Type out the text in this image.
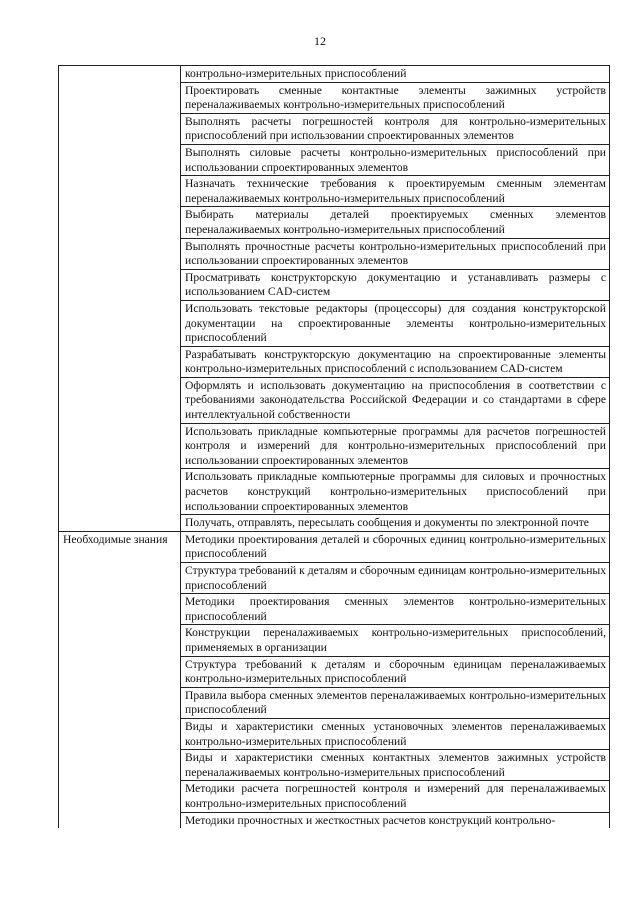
12
	контрольно-измерительных приспособлений
	Проектировать сменные контактные элементы зажимных устройств переналаживаемых контрольно-измерительных приспособлений
	Выполнять расчеты погрешностей контроля для контрольно-измерительных приспособлений при использовании спроектированных элементов
	Выполнять силовые расчеты контрольно-измерительных приспособлений при использовании спроектированных элементов
	Назначать технические требования к проектируемым сменным элементам переналаживаемых контрольно-измерительных приспособлений
	Выбирать материалы деталей проектируемых сменных элементов переналаживаемых контрольно-измерительных приспособлений
	Выполнять прочностные расчеты контрольно-измерительных приспособлений при использовании спроектированных элементов
	Просматривать конструкторскую документацию и устанавливать размеры с использованием CAD-систем
	Использовать текстовые редакторы (процессоры) для создания конструкторской документации на спроектированные элементы контрольно-измерительных приспособлений
	Разрабатывать конструкторскую документацию на спроектированные элементы контрольно-измерительных приспособлений с использованием CAD-систем
	Оформлять и использовать документацию на приспособления в соответствии с требованиями законодательства Российской Федерации и со стандартами в сфере интеллектуальной собственности
	Использовать прикладные компьютерные программы для расчетов погрешностей контроля и измерений для контрольно-измерительных приспособлений при использовании спроектированных элементов
	Использовать прикладные компьютерные программы для силовых и прочностных расчетов конструкций контрольно-измерительных приспособлений при использовании спроектированных элементов
	Получать, отправлять, пересылать сообщения и документы по электронной почте
Необходимые знания	Методики проектирования деталей и сборочных единиц контрольно-измерительных приспособлений
	Структура требований к деталям и сборочным единицам контрольно-измерительных приспособлений
	Методики проектирования сменных элементов контрольно-измерительных приспособлений
	Конструкции переналаживаемых контрольно-измерительных приспособлений, применяемых в организации
	Структура требований к деталям и сборочным единицам переналаживаемых контрольно-измерительных приспособлений
	Правила выбора сменных элементов переналаживаемых контрольно-измерительных приспособлений
	Виды и характеристики сменных установочных элементов переналаживаемых контрольно-измерительных приспособлений
	Виды и характеристики сменных контактных элементов зажимных устройств переналаживаемых контрольно-измерительных приспособлений
	Методики расчета погрешностей контроля и измерений для переналаживаемых контрольно-измерительных приспособлений
	Методики прочностных и жесткостных расчетов конструкций контрольно-
